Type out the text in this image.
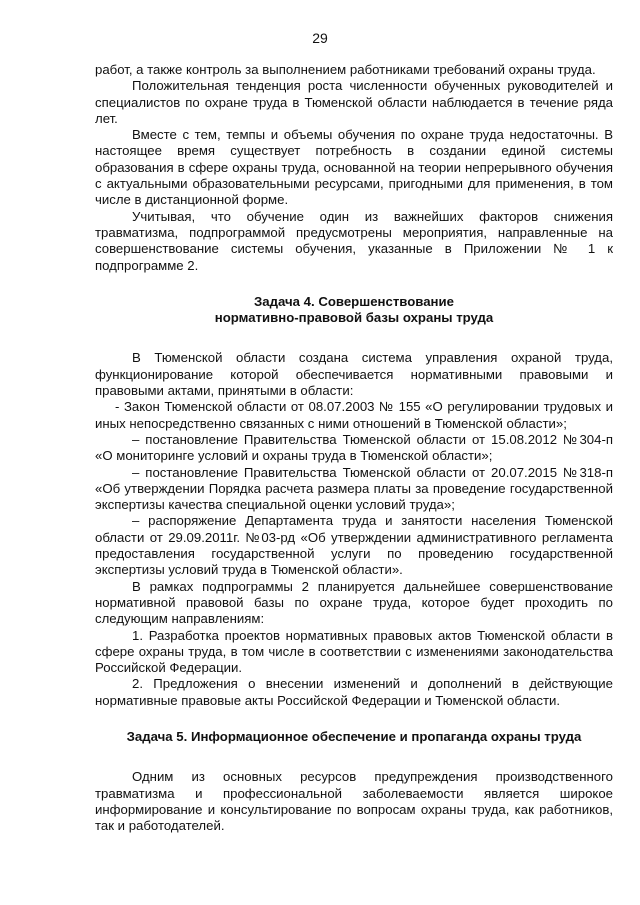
29

работ, а также контроль за выполнением работниками требований охраны труда.

Положительная тенденция роста численности обученных руководителей и специалистов по охране труда в Тюменской области наблюдается в течение ряда лет.

Вместе с тем, темпы и объемы обучения по охране труда недостаточны. В настоящее время существует потребность в создании единой системы образования в сфере охраны труда, основанной на теории непрерывного обучения с актуальными образовательными ресурсами, пригодными для применения, в том числе в дистанционной форме.

Учитывая, что обучение один из важнейших факторов снижения травматизма, подпрограммой предусмотрены мероприятия, направленные на совершенствование системы обучения, указанные в Приложении № 1 к подпрограмме 2.

Задача 4. Совершенствование

нормативно-правовой базы охраны труда

В Тюменской области создана система управления охраной труда, функционирование которой обеспечивается нормативными правовыми и правовыми актами, принятыми в области:

- Закон Тюменской области от 08.07.2003 № 155 «О регулировании трудовых и иных непосредственно связанных с ними отношений в Тюменской области»;

– постановление Правительства Тюменской области от 15.08.2012 №304-п «О мониторинге условий и охраны труда в Тюменской области»;

– постановление Правительства Тюменской области от 20.07.2015 №318-п «Об утверждении Порядка расчета размера платы за проведение государственной экспертизы качества специальной оценки условий труда»;

– распоряжение Департамента труда и занятости населения Тюменской области от 29.09.2011г. №03-рд «Об утверждении административного регламента предоставления государственной услуги по проведению государственной экспертизы условий труда в Тюменской области».

В рамках подпрограммы 2 планируется дальнейшее совершенствование нормативной правовой базы по охране труда, которое будет проходить по следующим направлениям:

1. Разработка проектов нормативных правовых актов Тюменской области в сфере охраны труда, в том числе в соответствии с изменениями законодательства Российской Федерации.

2. Предложения о внесении изменений и дополнений в действующие нормативные правовые акты Российской Федерации и Тюменской области.

Задача 5. Информационное обеспечение и пропаганда охраны труда

Одним из основных ресурсов предупреждения производственного травматизма и профессиональной заболеваемости является широкое информирование и консультирование по вопросам охраны труда, как работников, так и работодателей.
